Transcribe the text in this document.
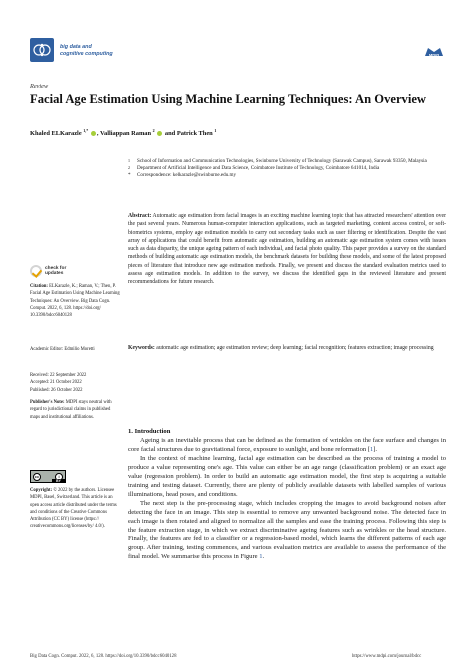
big data and
cognitive computing	MDPI
Review
Facial Age Estimation Using Machine Learning Techniques: An Overview
Khaled ELKarazle $^{1,*}$ , Valliappan Raman $^2$ and Patrick Then $^1$
1 School of Information and Communication Technologies, Swinburne University of Technology (Sarawak Campus), Sarawak 93350, Malaysia
2 Department of Artificial Intelligence and Data Science, Coimbatore Institute of Technology, Coimbatore 641014, India
* Correspondence: kelkarazle@swinburne.edu.my
Abstract: Automatic age estimation from facial images is an exciting machine learning topic that has attracted researchers' attention over the past several years. Numerous human-computer interaction applications, such as targeted marketing, content access control, or soft-biometrics systems, employ age estimation models to carry out secondary tasks such as user filtering or identification. Despite the vast array of applications that could benefit from automatic age estimation, building an automatic age estimation system comes with issues such as data disparity, the unique ageing pattern of each individual, and facial photo quality. This paper provides a survey on the standard methods of building automatic age estimation models, the benchmark datasets for building these models, and some of the latest proposed pieces of literature that introduce new age estimation methods. Finally, we present and discuss the standard evaluation metrics used to assess age estimation models. In addition to the survey, we discuss the identified gaps in the reviewed literature and present recommendations for future research.
Keywords: automatic age estimation; age estimation review; deep learning; facial recognition; features extraction; image processing
check for
updates
Citation: ELKarazle, K.; Raman, V.; Then, P. Facial Age Estimation Using Machine Learning Techniques: An Overview. Big Data Cogn. Comput. 2022, 6, 128. https://doi.org/ 10.3390/bdcc6040128
Academic Editor: Edmilio Moretti
Received: 22 September 2022
Accepted: 21 October 2022
Published: 26 October 2022
Publisher's Note: MDPI stays neutral with regard to jurisdictional claims in published maps and institutional affiliations.
cc	i
BY
Copyright: © 2022 by the authors. Licensee MDPI, Basel, Switzerland. This article is an open access article distributed under the terms and conditions of the Creative Commons Attribution (CC BY) license (https:// creativecommons.org/licenses/by/ 4.0/).
1. Introduction

Ageing is an inevitable process that can be defined as the formation of wrinkles on the face surface and changes in core facial structures due to gravitational force, exposure to sunlight, and bone reformation [1].

In the context of machine learning, facial age estimation can be described as the process of training a model to produce a value representing one's age. This value can either be an age range (classification problem) or an exact age value (regression problem). In order to build an automatic age estimation model, the first step is acquiring a suitable training and testing dataset. Currently, there are plenty of publicly available datasets with labelled samples of various illuminations, head poses, and conditions.

The next step is the pre-processing stage, which includes cropping the images to avoid background noises after detecting the face in an image. This step is essential to remove any unwanted background noise. The detected face in each image is then rotated and aligned to normalize all the samples and ease the training process. Following this step is the feature extraction stage, in which we extract discriminative ageing features such as wrinkles or the head structure. Finally, the features are fed to a classifier or a regression-based model, which learns the different patterns of each age group. After training, testing commences, and various evaluation metrics are available to assess the performance of the final model. We summarise this process in Figure 1.

Big Data Cogn. Comput. 2022, 6, 128. https://doi.org/10.3390/bdcc6040128	https://www.mdpi.com/journal/bdcc
